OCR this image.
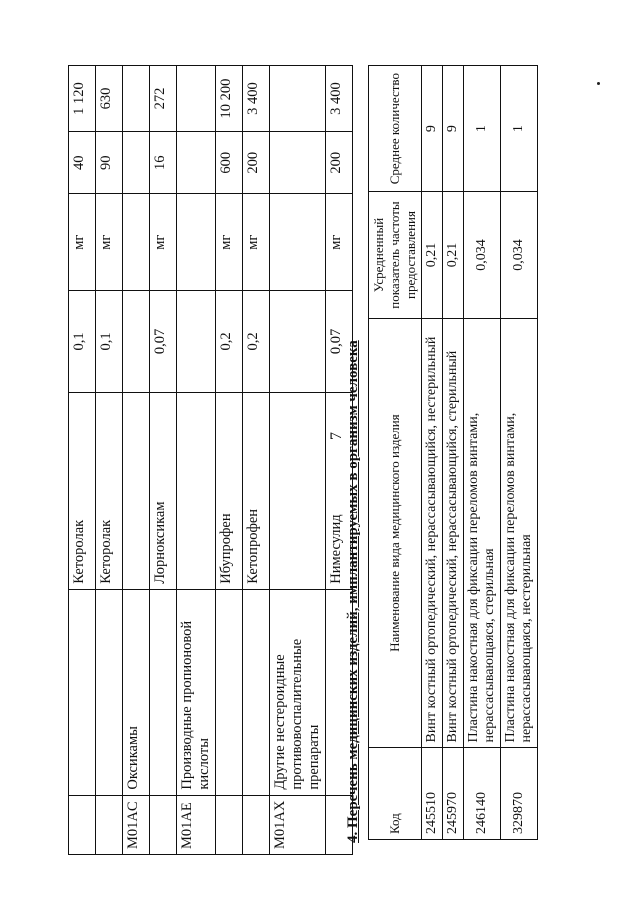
7
		Кеторолак	0,1	мг	40	1 120
		Кеторолак	0,1	мг	90	630
M01AC	Оксикамы					
		Лорноксикам	0,07	мг	16	272
M01AE	Производные пропионовой кислоты					
		Ибупрофен	0,2	мг	600	10 200
		Кетопрофен	0,2	мг	200	3 400
M01AX	Другие нестероидные противовоспалительные препараты					
		Нимесулид	0,07	мг	200	3 400
4. Перечень медицинских изделий, имплантируемых в организм человека Код	Наименование вида медицинского изделия	Усредненный показатель частоты предоставления	Среднее количество
245510	Винт костный ортопедический, нерассасывающийся, нестерильный	0,21	9
245970	Винт костный ортопедический, нерассасывающийся, стерильный	0,21	9
246140	Пластина накостная для фиксации переломов винтами, нерассасывающаяся, стерильная	0,034	1
329870	Пластина накостная для фиксации переломов винтами, нерассасывающаяся, нестерильная	0,034	1
